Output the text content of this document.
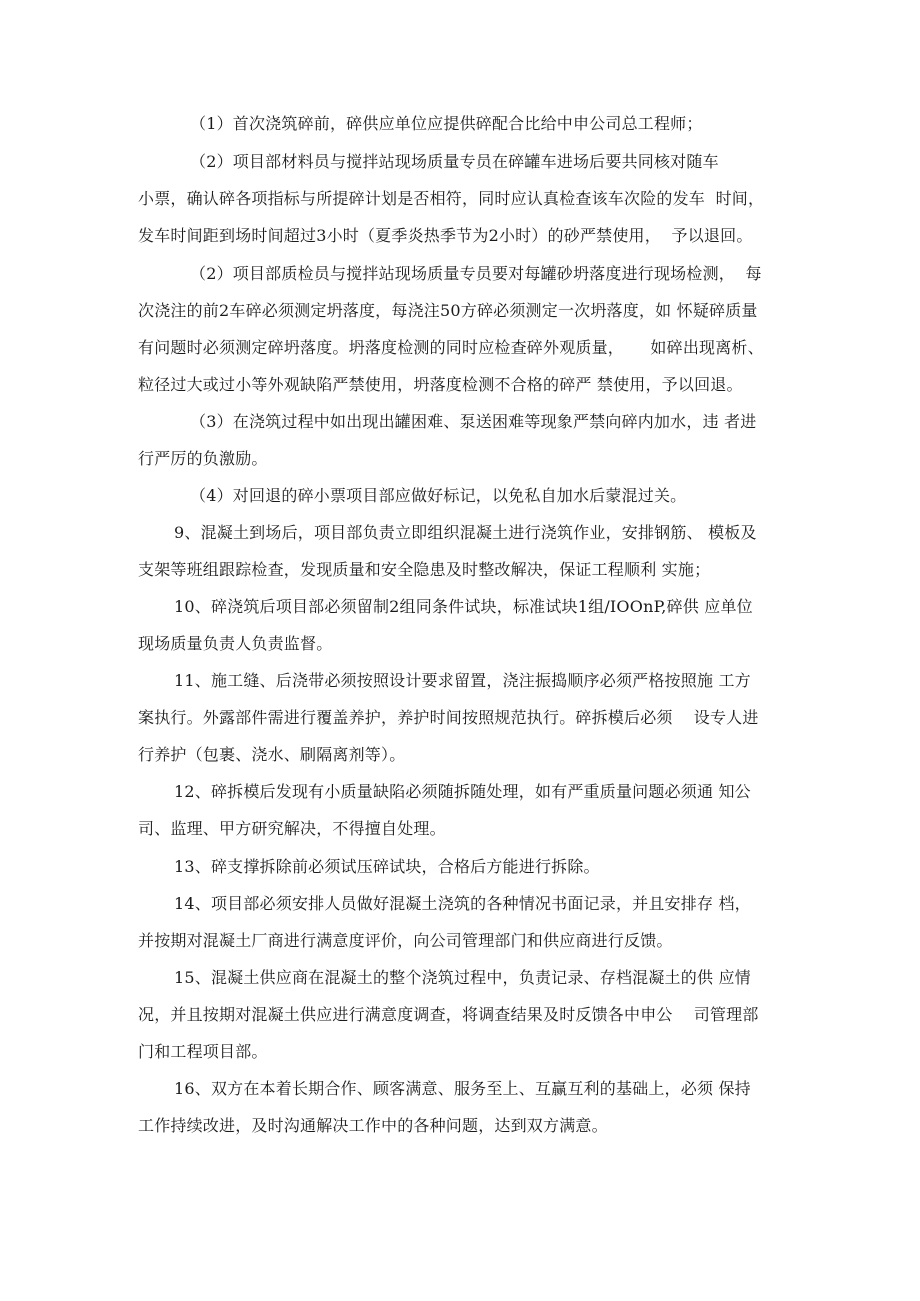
（1）首次浇筑碎前，碎供应单位应提供碎配合比给中申公司总工程师；
（2）项目部材料员与搅拌站现场质量专员在碎罐车进场后要共同核对随车
小票，确认碎各项指标与所提碎计划是否相符，同时应认真检查该车次险的发车  时间，
发车时间距到场时间超过3小时（夏季炎热季节为2小时）的砂严禁使用，  予以退回。
（2）项目部质检员与搅拌站现场质量专员要对每罐砂坍落度进行现场检测，  每
次浇注的前2车碎必须测定坍落度，每浇注50方碎必须测定一次坍落度，如 怀疑碎质量
有问题时必须测定碎坍落度。坍落度检测的同时应检查碎外观质量，     如碎出现离析、
粒径过大或过小等外观缺陷严禁使用，坍落度检测不合格的碎严 禁使用，予以回退。
（3）在浇筑过程中如出现出罐困难、泵送困难等现象严禁向碎内加水，违 者进
行严厉的负激励。
（4）对回退的碎小票项目部应做好标记，以免私自加水后蒙混过关。
9、混凝土到场后，项目部负责立即组织混凝土进行浇筑作业，安排钢筋、 模板及
支架等班组跟踪检查，发现质量和安全隐患及时整改解决，保证工程顺利 实施；
10、碎浇筑后项目部必须留制2组同条件试块，标准试块1组/IOOnP,碎供 应单位
现场质量负责人负责监督。
11、施工缝、后浇带必须按照设计要求留置，浇注振捣顺序必须严格按照施 工方
案执行。外露部件需进行覆盖养护，养护时间按照规范执行。碎拆模后必须    设专人进
行养护（包裹、浇水、刷隔离剂等）。
12、碎拆模后发现有小质量缺陷必须随拆随处理，如有严重质量问题必须通 知公
司、监理、甲方研究解决，不得擅自处理。
13、碎支撑拆除前必须试压碎试块，合格后方能进行拆除。
14、项目部必须安排人员做好混凝土浇筑的各种情况书面记录，并且安排存 档，
并按期对混凝土厂商进行满意度评价，向公司管理部门和供应商进行反馈。
15、混凝土供应商在混凝土的整个浇筑过程中，负责记录、存档混凝土的供 应情
况，并且按期对混凝土供应进行满意度调查，将调查结果及时反馈各中申公    司管理部
门和工程项目部。
16、双方在本着长期合作、顾客满意、服务至上、互赢互利的基础上，必须 保持
工作持续改进，及时沟通解决工作中的各种问题，达到双方满意。
